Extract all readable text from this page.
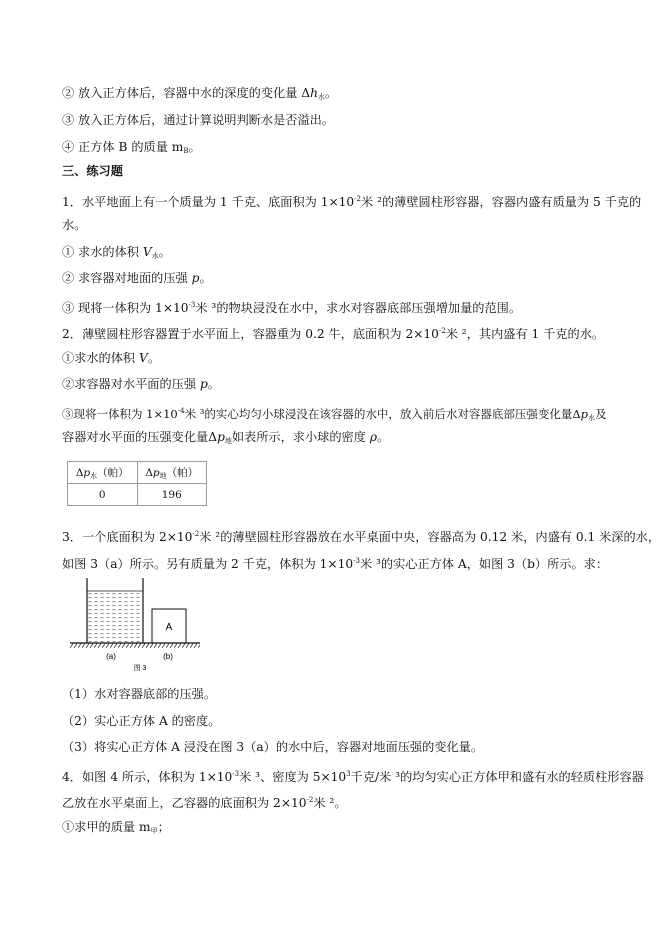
② 放入正方体后，容器中水的深度的变化量 $\Delta h_水$。
③ 放入正方体后，通过计算说明判断水是否溢出。
④ 正方体 B 的质量 $m_B$。
三、练习题
1．水平地面上有一个质量为 1 千克、底面积为 $1\times 10^{-2}$米 ²的薄壁圆柱形容器，容器内盛有质量为 5 千克的
水。
① 求水的体积 $V_水$。
② 求容器对地面的压强 p。
③ 现将一体积为 $1\times 10^{-3}$米 ³的物块浸没在水中，求水对容器底部压强增加量的范围。
2．薄壁圆柱形容器置于水平面上，容器重为 0.2 牛，底面积为 $2\times 10^{-2}$米 ²，其内盛有 1 千克的水。
①求水的体积 V。
②求容器对水平面的压强 p。
③现将一体积为 $1\times 10^{-4}$米 ³的实心均匀小球浸没在该容器的水中，放入前后水对容器底部压强变化量$\Delta p_水$及
容器对水平面的压强变化量$\Delta p_地$如表所示，求小球的密度 ρ。
$\Delta p_水$（帕）	$\Delta p_地$（帕）
0	196
3．一个底面积为 $2\times 10^{-2}$米 ²的薄壁圆柱形容器放在水平桌面中央，容器高为 0.12 米，内盛有 0.1 米深的水，
如图 3（a）所示。另有质量为 2 千克，体积为 $1\times 10^{-3}$米 ³的实心正方体 A，如图 3（b）所示。求：
A
(a)	(b)
图 3
（1）水对容器底部的压强。
（2）实心正方体 A 的密度。
（3）将实心正方体 A 浸没在图 3（a）的水中后，容器对地面压强的变化量。
4．如图 4 所示，体积为 $1\times 10^{-3}$米 ³、密度为 $5\times 10^3$千克/米 ³的均匀实心正方体甲和盛有水的轻质柱形容器
乙放在水平桌面上，乙容器的底面积为 $2\times 10^{-2}$米 ²。
①求甲的质量 $m_甲$；
